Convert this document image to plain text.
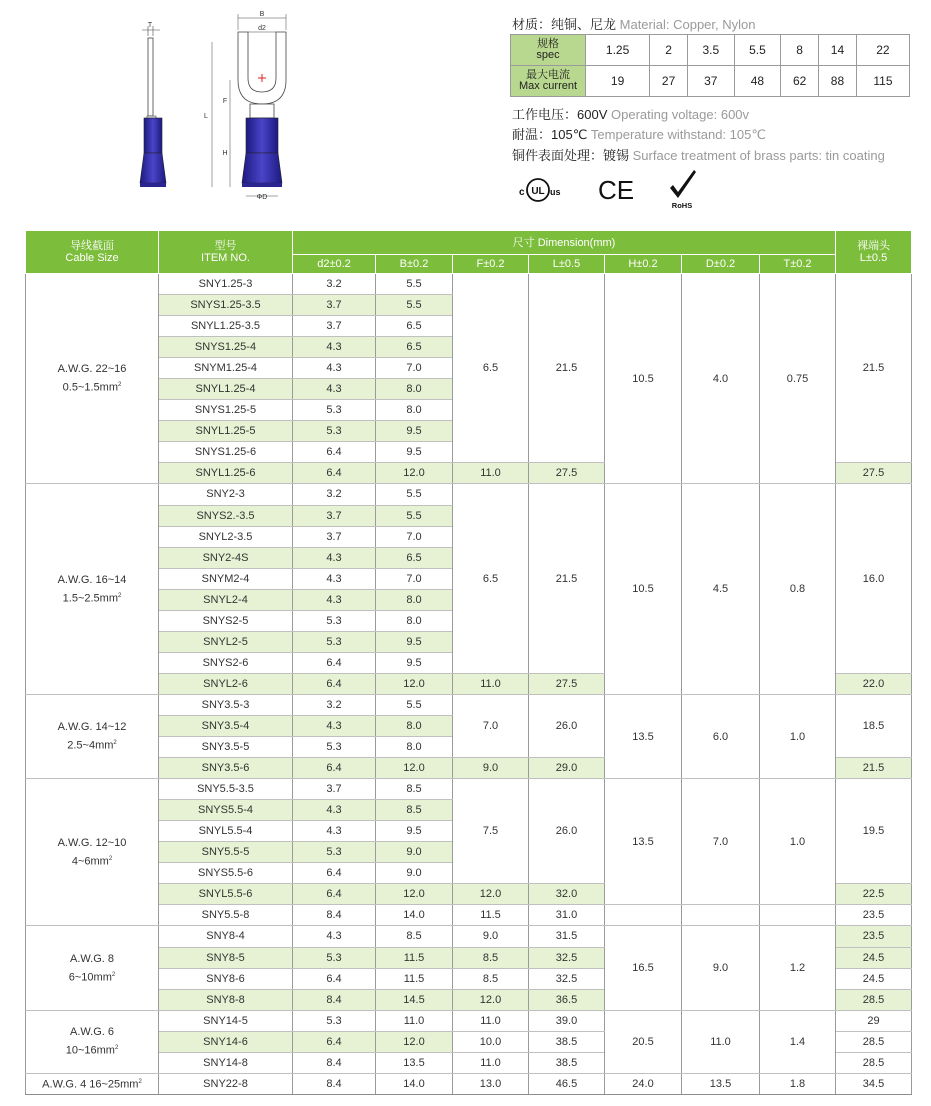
T
B
d2
L
F
H
ΦD
材质：纯铜、尼龙 Material: Copper, Nylon
规格
spec	1.25	2	3.5	5.5	8	14	22
最大电流
Max current	19	27	37	48	62	88	115
工作电压：600V Operating voltage: 600v
耐温：105℃ Temperature withstand: 105℃
铜件表面处理：镀锡 Surface treatment of brass parts: tin coating
c UL us CE
RoHS
导线截面
Cable Size	型号
ITEM NO.	尺寸 Dimension(mm)							裸端头
L±0.5
		d2±0.2	B±0.2	F±0.2	L±0.5	H±0.2	D±0.2	T±0.2	
A.W.G. 22~16
$0.5\sim 1.5mm^2$	SNY1.25-3	3.2	5.5	6.5	21.5	10.5	4.0	0.75	21.5
	SNYS1.25-3.5	3.7	5.5						
	SNYL1.25-3.5	3.7	6.5						
	SNYS1.25-4	4.3	6.5						
	SNYM1.25-4	4.3	7.0						
	SNYL1.25-4	4.3	8.0						
	SNYS1.25-5	5.3	8.0						
	SNYL1.25-5	5.3	9.5						
	SNYS1.25-6	6.4	9.5						
	SNYL1.25-6	6.4	12.0	11.0	27.5				27.5
A.W.G. 16~14
$1.5\sim 2.5mm^2$	SNY2-3	3.2	5.5	6.5	21.5	10.5	4.5	0.8	16.0
	SNYS2.-3.5	3.7	5.5						
	SNYL2-3.5	3.7	7.0						
	SNY2-4S	4.3	6.5						
	SNYM2-4	4.3	7.0						
	SNYL2-4	4.3	8.0						
	SNYS2-5	5.3	8.0						
	SNYL2-5	5.3	9.5						
	SNYS2-6	6.4	9.5						
	SNYL2-6	6.4	12.0	11.0	27.5				22.0
A.W.G. 14~12
$2.5\sim 4mm^2$	SNY3.5-3	3.2	5.5	7.0	26.0	13.5	6.0	1.0	18.5
	SNY3.5-4	4.3	8.0						
	SNY3.5-5	5.3	8.0						
	SNY3.5-6	6.4	12.0	9.0	29.0				21.5
A.W.G. 12~10
$4\sim 6mm^2$	SNY5.5-3.5	3.7	8.5	7.5	26.0	13.5	7.0	1.0	19.5
	SNYS5.5-4	4.3	8.5						
	SNYL5.5-4	4.3	9.5						
	SNY5.5-5	5.3	9.0						
	SNYS5.5-6	6.4	9.0						
	SNYL5.5-6	6.4	12.0	12.0	32.0				22.5
	SNY5.5-8	8.4	14.0	11.5	31.0				23.5
A.W.G. 8
$6\sim 10mm^2$	SNY8-4	4.3	8.5	9.0	31.5	16.5	9.0	1.2	23.5
	SNY8-5	5.3	11.5	8.5	32.5				24.5
	SNY8-6	6.4	11.5	8.5	32.5				24.5
	SNY8-8	8.4	14.5	12.0	36.5				28.5
A.W.G. 6
$10\sim 16mm^2$	SNY14-5	5.3	11.0	11.0	39.0	20.5	11.0	1.4	29
	SNY14-6	6.4	12.0	10.0	38.5				28.5
	SNY14-8	8.4	13.5	11.0	38.5				28.5
A.W.G. 4 $16\sim 25mm^2$	SNY22-8	8.4	14.0	13.0	46.5	24.0	13.5	1.8	34.5
